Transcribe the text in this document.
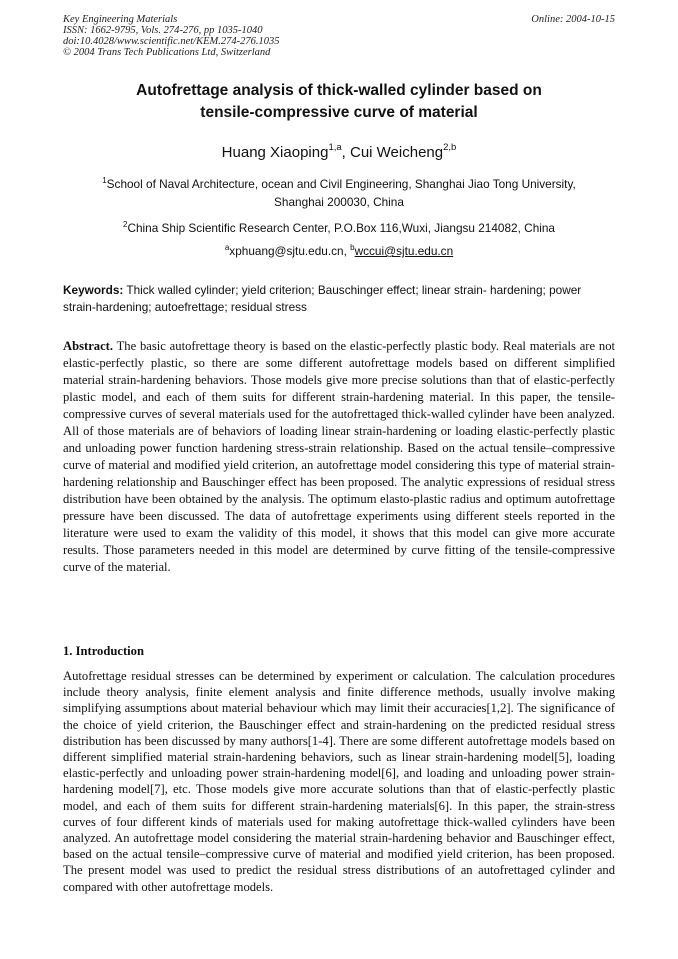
Key Engineering Materials
ISSN: 1662-9795, Vols. 274-276, pp 1035-1040
doi:10.4028/www.scientific.net/KEM.274-276.1035
© 2004 Trans Tech Publications Ltd, Switzerland
Online: 2004-10-15
Autofrettage analysis of thick-walled cylinder based on
tensile-compressive curve of material
Huang Xiaoping$^{1,a}$, Cui Weicheng$^{2,b}$
$^1$School of Naval Architecture, ocean and Civil Engineering, Shanghai Jiao Tong University,
Shanghai 200030, China
$^2$China Ship Scientific Research Center, P.O.Box 116,Wuxi, Jiangsu 214082, China
$^a$xphuang@sjtu.edu.cn, $^b$wccui@sjtu.edu.cn
Keywords: Thick walled cylinder; yield criterion; Bauschinger effect; linear strain- hardening; power strain-hardening; autoefrettage; residual stress
Abstract. The basic autofrettage theory is based on the elastic-perfectly plastic body. Real materials are not elastic-perfectly plastic, so there are some different autofrettage models based on different simplified material strain-hardening behaviors. Those models give more precise solutions than that of elastic-perfectly plastic model, and each of them suits for different strain-hardening material. In this paper, the tensile-compressive curves of several materials used for the autofrettaged thick-walled cylinder have been analyzed. All of those materials are of behaviors of loading linear strain-hardening or loading elastic-perfectly plastic and unloading power function hardening stress-strain relationship. Based on the actual tensile–compressive curve of material and modified yield criterion, an autofrettage model considering this type of material strain-hardening relationship and Bauschinger effect has been proposed. The analytic expressions of residual stress distribution have been obtained by the analysis. The optimum elasto-plastic radius and optimum autofrettage pressure have been discussed. The data of autofrettage experiments using different steels reported in the literature were used to exam the validity of this model, it shows that this model can give more accurate results. Those parameters needed in this model are determined by curve fitting of the tensile-compressive curve of the material.
1. Introduction
Autofrettage residual stresses can be determined by experiment or calculation. The calculation procedures include theory analysis, finite element analysis and finite difference methods, usually involve making simplifying assumptions about material behaviour which may limit their accuracies[1,2]. The significance of the choice of yield criterion, the Bauschinger effect and strain-hardening on the predicted residual stress distribution has been discussed by many authors[1-4]. There are some different autofrettage models based on different simplified material strain-hardening behaviors, such as linear strain-hardening model[5], loading elastic-perfectly and unloading power strain-hardening model[6], and loading and unloading power strain-hardening model[7], etc. Those models give more accurate solutions than that of elastic-perfectly plastic model, and each of them suits for different strain-hardening materials[6]. In this paper, the strain-stress curves of four different kinds of materials used for making autofrettage thick-walled cylinders have been analyzed. An autofrettage model considering the material strain-hardening behavior and Bauschinger effect, based on the actual tensile–compressive curve of material and modified yield criterion, has been proposed. The present model was used to predict the residual stress distributions of an autofrettaged cylinder and compared with other autofrettage models.
